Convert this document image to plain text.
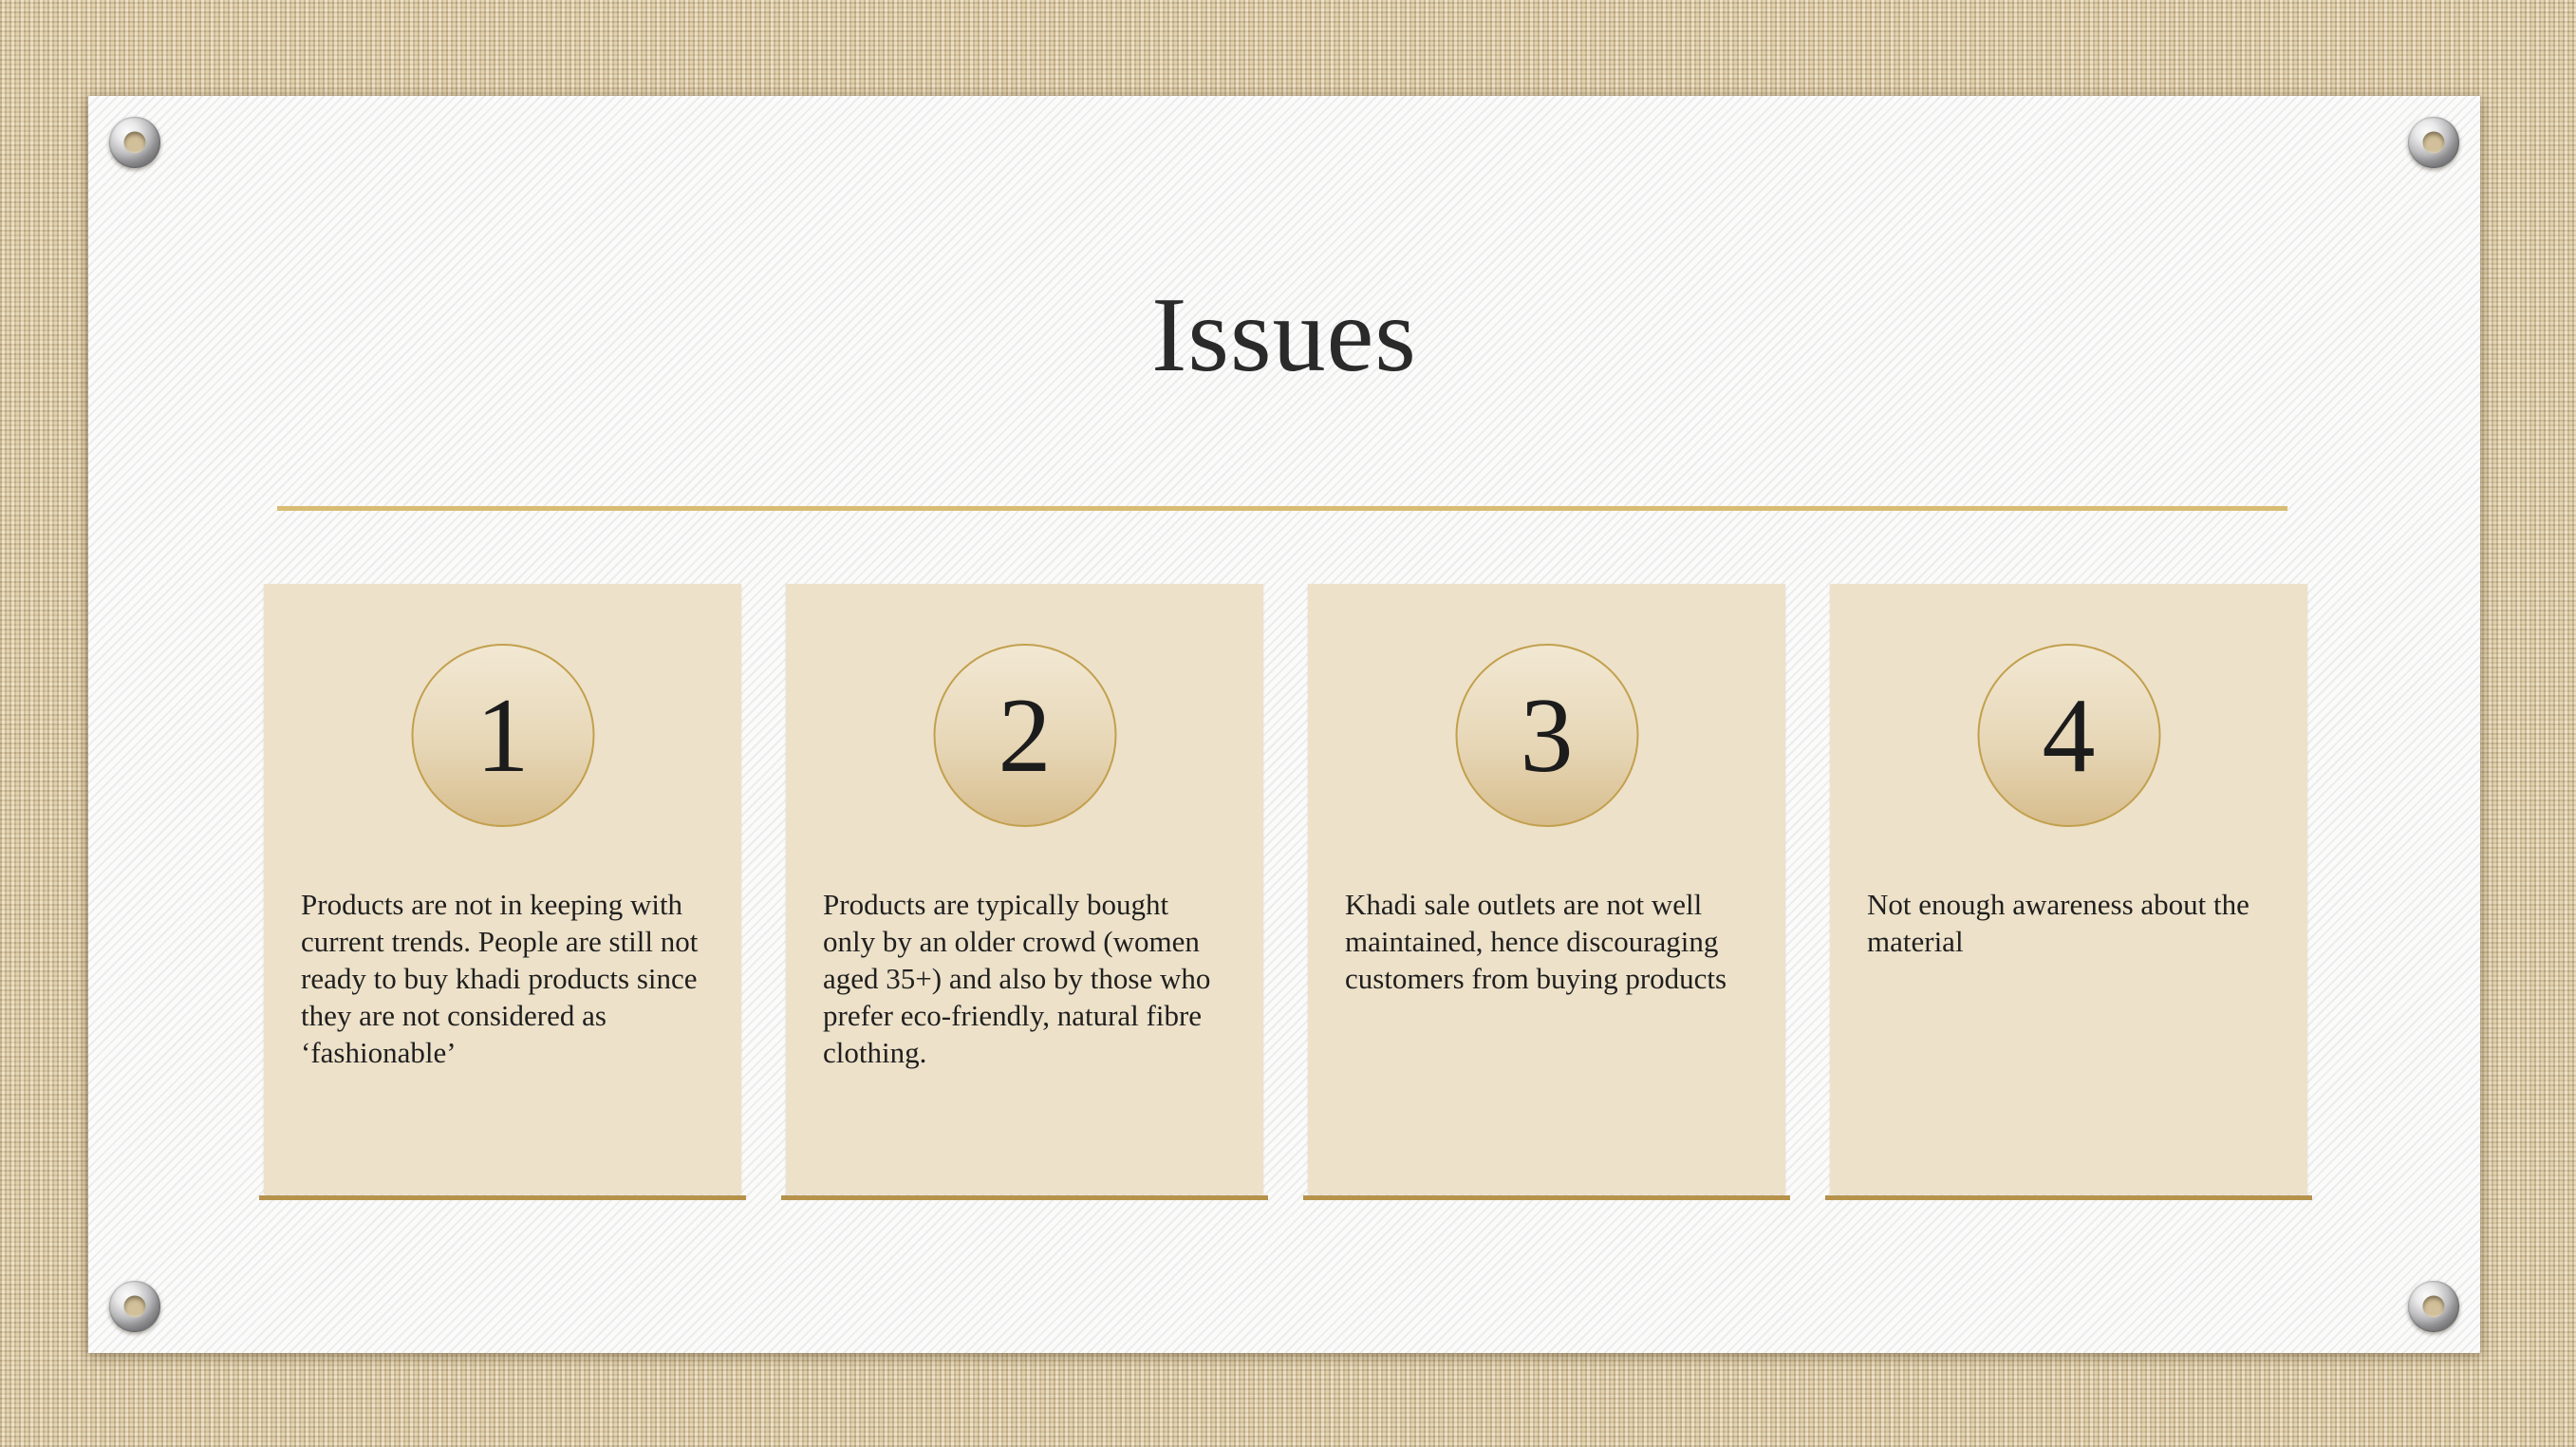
Issues
1

Products are not in keeping with current trends. People are still not ready to buy khadi products since they are not considered as ‘fashionable’

2

Products are typically bought only by an older crowd (women aged 35+) and also by those who prefer eco-friendly, natural fibre clothing.

3

Khadi sale outlets are not well maintained, hence discouraging customers from buying products

4

Not enough awareness about the material
